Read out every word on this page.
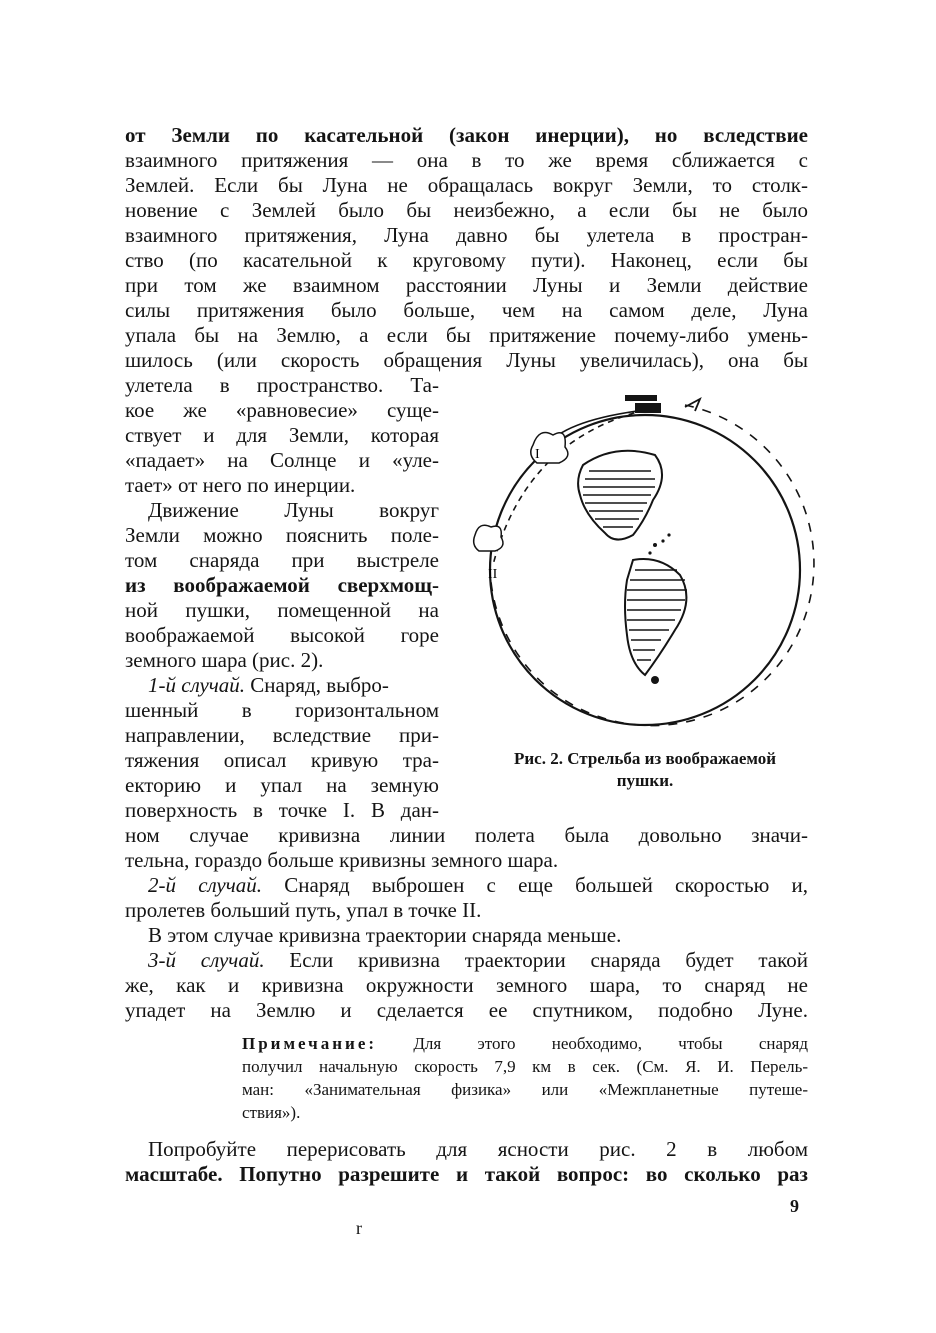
от Земли по касательной (закон инерции), но вследствие
взаимного притяжения — она в то же время сближается с
Землей. Если бы Луна не обращалась вокруг Земли, то столк-
новение с Землей было бы неизбежно, а если бы не было
взаимного притяжения, Луна давно бы улетела в простран-
ство (по касательной к круговому пути). Наконец, если бы
при том же взаимном расстоянии Луны и Земли действие
силы притяжения было больше, чем на самом деле, Луна
упала бы на Землю, а если бы притяжение почему-либо умень-
шилось (или скорость обращения Луны увеличилась), она бы
улетела в пространство. Та-
кое же «равновесие» суще-
ствует и для Земли, которая
«падает» на Солнце и «уле-
тает» от него по инерции.
Движение Луны вокруг
Земли можно пояснить поле-
том снаряда при выстреле
из воображаемой сверхмощ-
ной пушки, помещенной на
воображаемой высокой горе
земного шара (рис. 2).
1-й случай. Снаряд, выбро-
шенный в горизонтальном
направлении, вследствие при-
тяжения описал кривую тра-
екторию и упал на земную
поверхность в точке I. В дан-
I
II
Рис. 2. Стрельба из воображаемой
пушки.
ном случае кривизна линии полета была довольно значи-
тельна, гораздо больше кривизны земного шара.
2-й случай. Снаряд выброшен с еще большей скоростью и,
пролетев больший путь, упал в точке II.
В этом случае кривизна траектории снаряда меньше.
3-й случай. Если кривизна траектории снаряда будет такой
же, как и кривизна окружности земного шара, то снаряд не
упадет на Землю и сделается ее спутником, подобно Луне.
Примечание: Для этого необходимо, чтобы снаряд
получил начальную скорость 7,9 км в сек. (См. Я. И. Перель-
ман: «Занимательная физика» или «Межпланетные путеше-
ствия»).
Попробуйте перерисовать для ясности рис. 2 в любом
масштабе. Попутно разрешите и такой вопрос: во сколько раз
9
r
